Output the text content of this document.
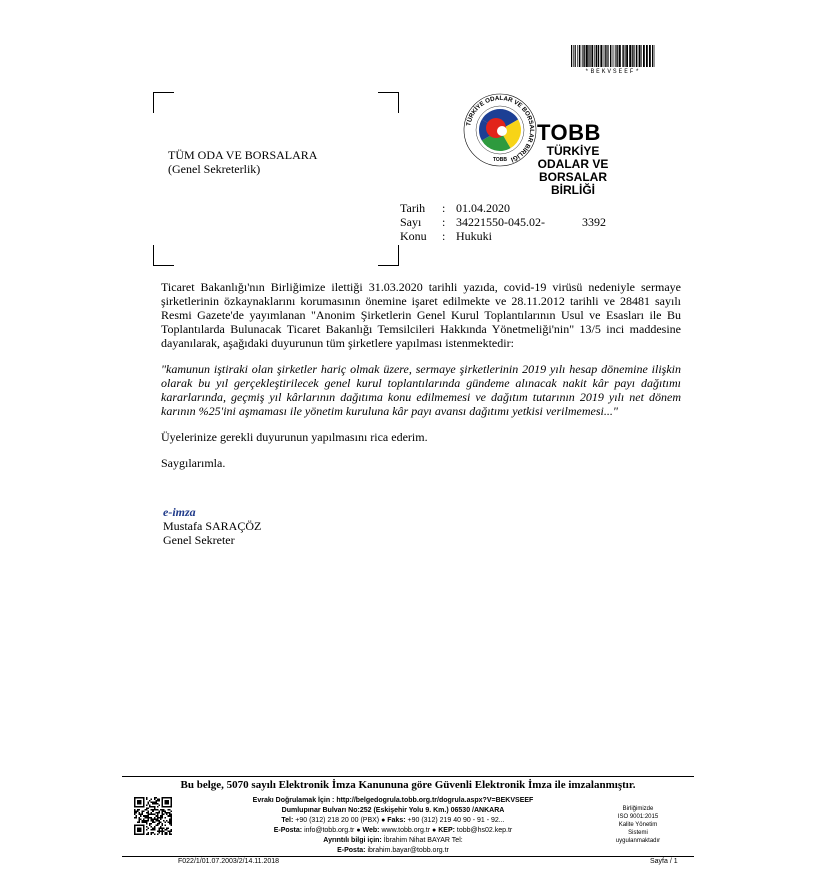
*BEKVSEEF*
TÜM ODA VE BORSALARA
(Genel Sekreterlik)
TÜRKİYE ODALAR VE BORSALAR BİRLİĞİ
TOBB
TOBB
TÜRKİYE
ODALAR VE BORSALAR
BİRLİĞİ
Tarih	: 01.04.2020
Sayı	: 34221550-045.02-	3392
Konu	: Hukuki

Ticaret Bakanlığı'nın Birliğimize ilettiği 31.03.2020 tarihli yazıda, covid-19 virüsü nedeniyle sermaye şirketlerinin özkaynaklarını korumasının önemine işaret edilmekte ve 28.11.2012 tarihli ve 28481 sayılı Resmi Gazete'de yayımlanan "Anonim Şirketlerin Genel Kurul Toplantılarının Usul ve Esasları ile Bu Toplantılarda Bulunacak Ticaret Bakanlığı Temsilcileri Hakkında Yönetmeliği'nin" 13/5 inci maddesine dayanılarak, aşağıdaki duyurunun tüm şirketlere yapılması istenmektedir:

"kamunun iştiraki olan şirketler hariç olmak üzere, sermaye şirketlerinin 2019 yılı hesap dönemine ilişkin olarak bu yıl gerçekleştirilecek genel kurul toplantılarında gündeme alınacak nakit kâr payı dağıtımı kararlarında, geçmiş yıl kârlarının dağıtıma konu edilmemesi ve dağıtım tutarının 2019 yılı net dönem karının %25'ini aşmaması ile yönetim kuruluna kâr payı avansı dağıtımı yetkisi verilmemesi..."

Üyelerinize gerekli duyurunun yapılmasını rica ederim.

Saygılarımla.

e-imza
Mustafa SARAÇÖZ
Genel Sekreter
Bu belge, 5070 sayılı Elektronik İmza Kanununa göre Güvenli Elektronik İmza ile imzalanmıştır.
Evrakı Doğrulamak İçin : http://belgedogrula.tobb.org.tr/dogrula.aspx?V=BEKVSEEF
Dumlupınar Bulvarı No:252 (Eskişehir Yolu 9. Km.) 06530 /ANKARA
Tel: +90 (312) 218 20 00 (PBX) ● Faks: +90 (312) 219 40 90 - 91 - 92...
E-Posta: info@tobb.org.tr ● Web: www.tobb.org.tr ● KEP: tobb@hs02.kep.tr
Ayrıntılı bilgi için: İbrahim Nihat BAYAR Tel:
E-Posta: ibrahim.bayar@tobb.org.tr
Birliğimizde
ISO 9001:2015
Kalite Yönetim
Sistemi
uygulanmaktadır
F022/1/01.07.2003/2/14.11.2018	Sayfa / 1
